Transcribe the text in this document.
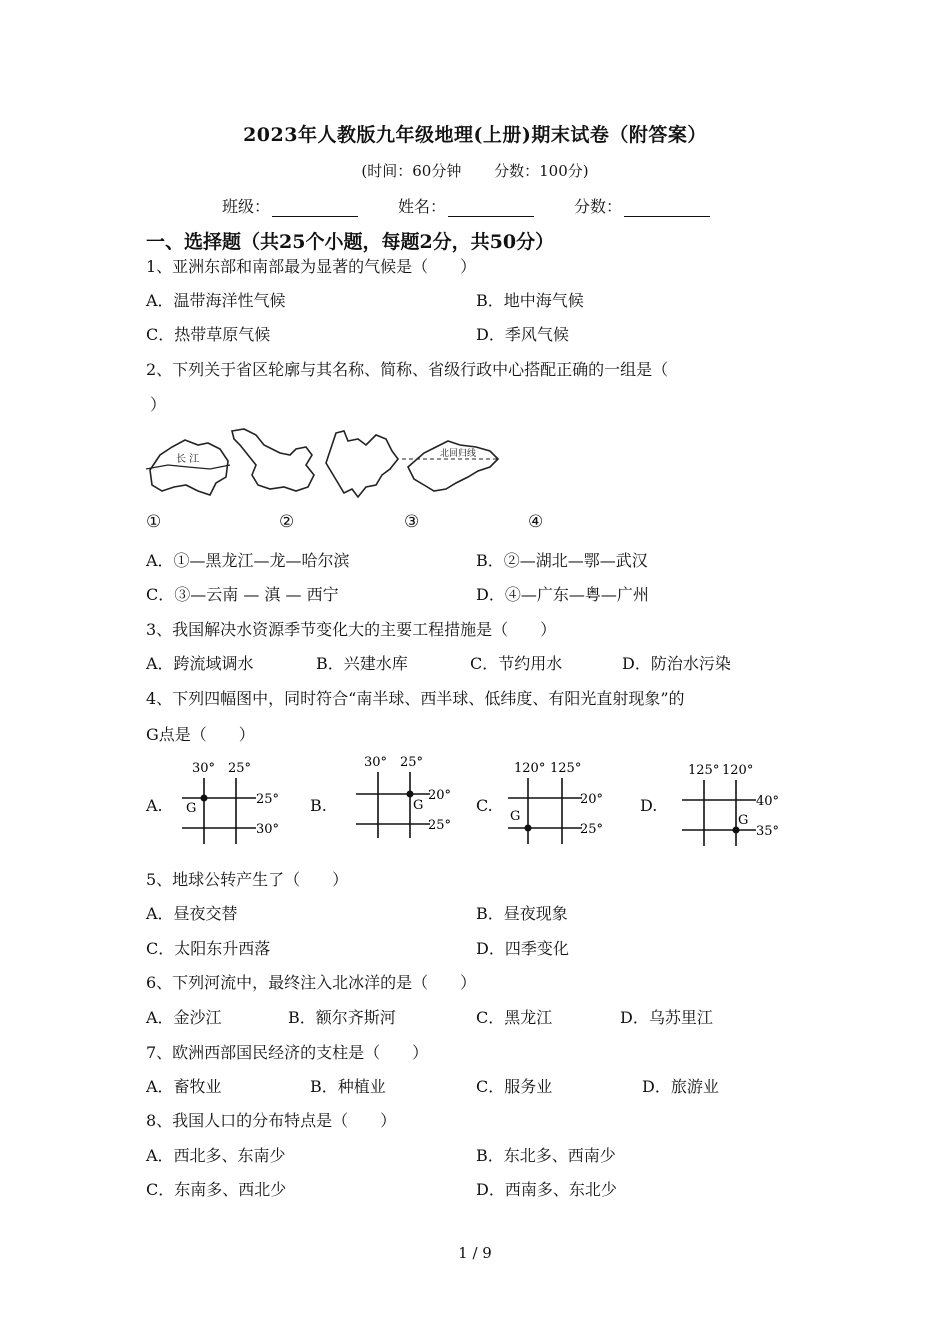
2023年人教版九年级地理(上册)期末试卷（附答案）
(时间：60分钟 分数：100分)
班级：	姓名：	分数：
一、选择题（共25个小题，每题2分，共50分）
1、亚洲东部和南部最为显著的气候是（　　）
A．温带海洋性气候	B．地中海气候
C．热带草原气候	D．季风气候
2、下列关于省区轮廓与其名称、简称、省级行政中心搭配正确的一组是（
）
长 江	北回归线
①	②	③	④
A．①—黑龙江—龙—哈尔滨	B．②—湖北—鄂—武汉
C．③—云南 — 滇 — 西宁	D．④—广东—粤—广州
3、我国解决水资源季节变化大的主要工程措施是（　　）
A．跨流域调水	B．兴建水库	C．节约用水	D．防治水污染
4、下列四幅图中，同时符合“南半球、西半球、低纬度、有阳光直射现象”的
G点是（　　）
A.
30° 25°
25°
30°
G	B.
30° 25°
20°
25°
G	C.
120° 125°
20°
25°
G
D.
125° 120°
40°
35°
G
5、地球公转产生了（　　）
A．昼夜交替	B．昼夜现象
C．太阳东升西落	D．四季变化
6、下列河流中，最终注入北冰洋的是（　　）
A．金沙江	B．额尔齐斯河	C．黑龙江	D．乌苏里江
7、欧洲西部国民经济的支柱是（　　）
A．畜牧业	B．种植业	C．服务业	D．旅游业
8、我国人口的分布特点是（　　）
A．西北多、东南少	B．东北多、西南少
C．东南多、西北少	D．西南多、东北少
1 / 9
